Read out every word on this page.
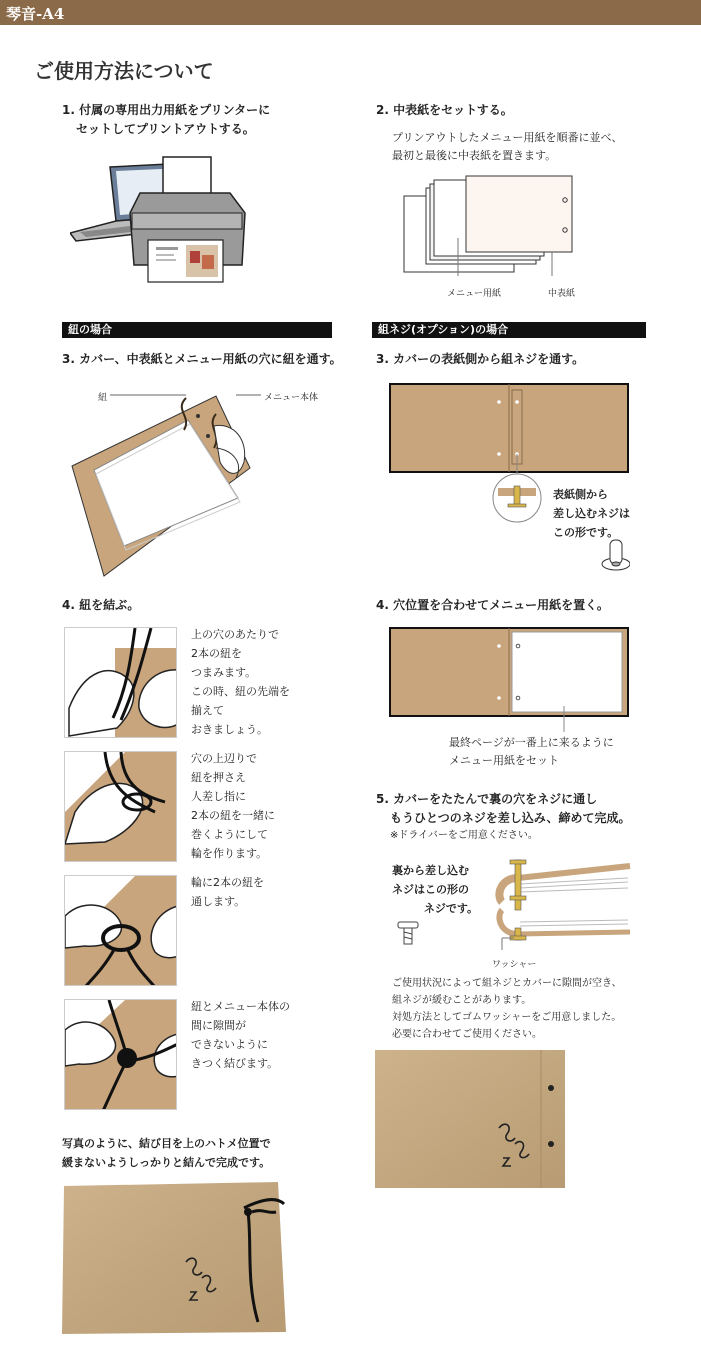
琴音-A4
ご使用方法について
1. 付属の専用出力用紙をプリンターに
セットしてプリントアウトする。
2. 中表紙をセットする。
プリンアウトしたメニュー用紙を順番に並べ、
最初と最後に中表紙を置きます。
メニュー用紙	中表紙
紐の場合
3. カバー、中表紙とメニュー用紙の穴に紐を通す。
紐	メニュー本体
4. 紐を結ぶ。
上の穴のあたりで
2本の紐を
つまみます。
この時、紐の先端を
揃えて
おきましょう。
穴の上辺りで
紐を押さえ
人差し指に
2本の紐を一緒に
巻くようにして
輪を作ります。
輪に2本の紐を
通します。
紐とメニュー本体の
間に隙間が
できないように
きつく結びます。
写真のように、結び目を上のハトメ位置で
緩まないようしっかりと結んで完成です。
組ネジ(オプション)の場合
3. カバーの表紙側から組ネジを通す。
表紙側から
差し込むネジは
この形です。
4. 穴位置を合わせてメニュー用紙を置く。
最終ページが一番上に来るように
メニュー用紙をセット
5. カバーをたたんで裏の穴をネジに通し
もうひとつのネジを差し込み、締めて完成。
※ドライバーをご用意ください。
裏から差し込む
ネジはこの形の
ネジです。
ワッシャー
ご使用状況によって組ネジとカバーに隙間が空き、
組ネジが緩むことがあります。
対処方法としてゴムワッシャーをご用意しました。
必要に合わせてご使用ください。
